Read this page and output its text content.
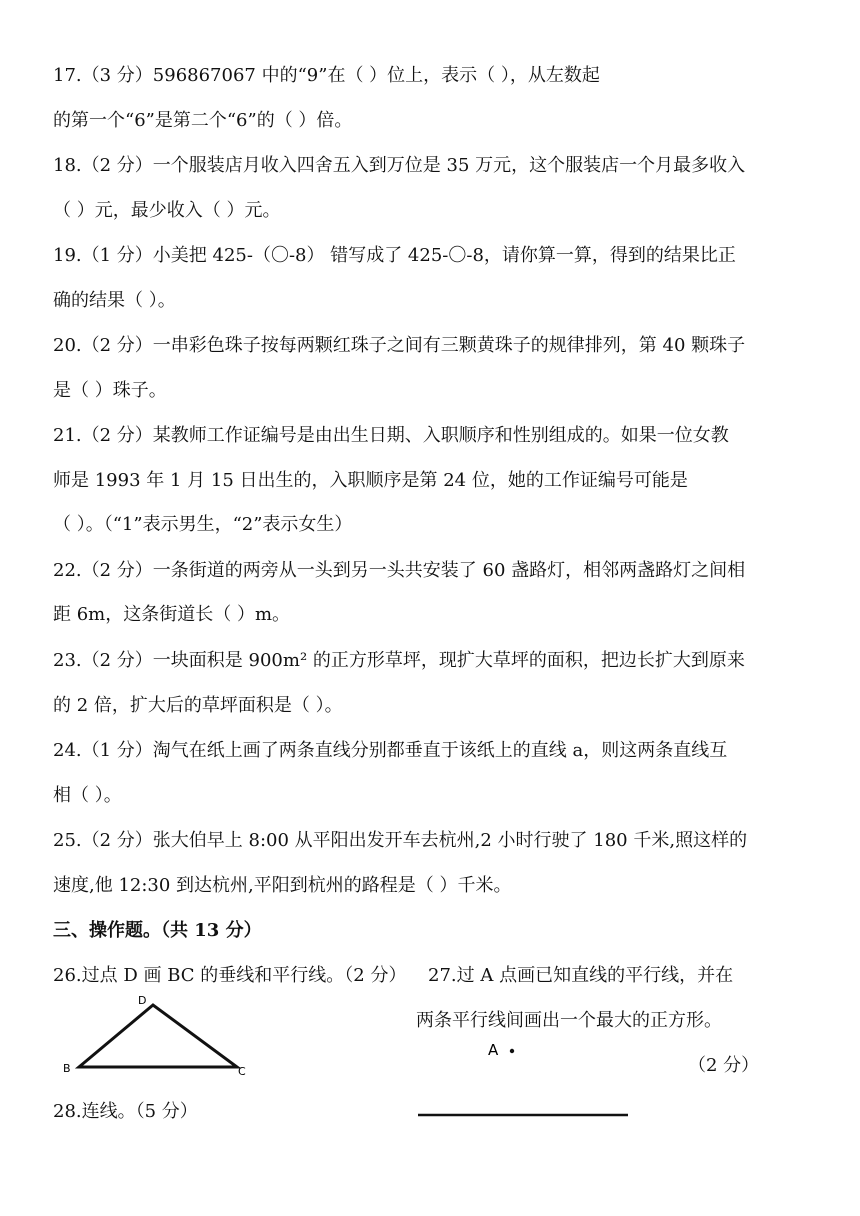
17.（3 分）596867067 中的“9”在（ ）位上，表示（ ），从左数起
的第一个“6”是第二个“6”的（ ）倍。
18.（2 分）一个服装店月收入四舍五入到万位是 35 万元，这个服装店一个月最多收入
（ ）元，最少收入（ ）元。
19.（1 分）小美把 425-（〇-8） 错写成了 425-〇-8，请你算一算，得到的结果比正
确的结果（ ）。
20.（2 分）一串彩色珠子按每两颗红珠子之间有三颗黄珠子的规律排列，第 40 颗珠子
是（ ）珠子。
21.（2 分）某教师工作证编号是由出生日期、入职顺序和性别组成的。如果一位女教
师是 1993 年 1 月 15 日出生的，入职顺序是第 24 位，她的工作证编号可能是
（ ）。（“1”表示男生，“2”表示女生）
22.（2 分）一条街道的两旁从一头到另一头共安装了 60 盏路灯，相邻两盏路灯之间相
距 6m，这条街道长（ ）m。
23.（2 分）一块面积是 900m² 的正方形草坪，现扩大草坪的面积，把边长扩大到原来
的 2 倍，扩大后的草坪面积是（ ）。
24.（1 分）淘气在纸上画了两条直线分别都垂直于该纸上的直线 a，则这两条直线互
相（ ）。
25.（2 分）张大伯早上 8:00 从平阳出发开车去杭州,2 小时行驶了 180 千米,照这样的
速度,他 12:30 到达杭州,平阳到杭州的路程是（ ）千米。
三、操作题。（共 13 分）
26.过点 D 画 BC 的垂线和平行线。（2 分） 27.过 A 点画已知直线的平行线，并在
两条平行线间画出一个最大的正方形。
（2 分）
D
B	C
A
28.连线。（5 分）
